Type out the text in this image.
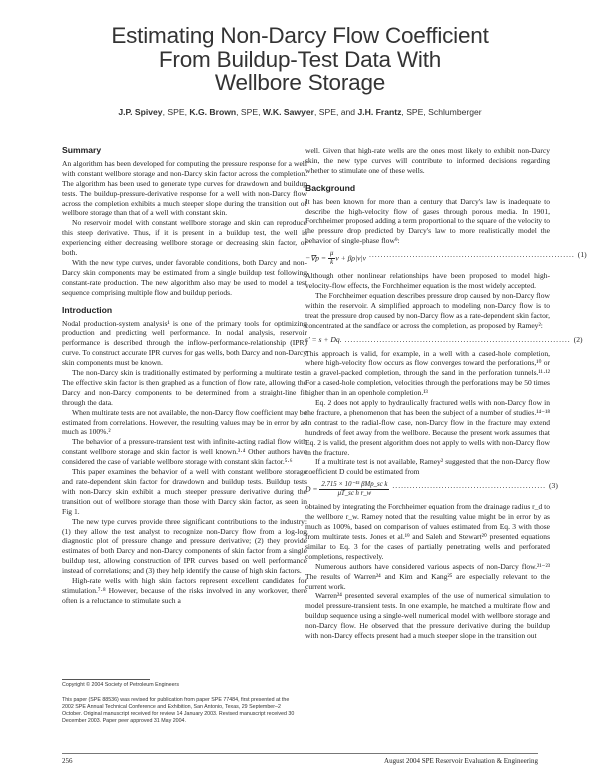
Estimating Non-Darcy Flow Coefficient
From Buildup-Test Data With
Wellbore Storage
J.P. Spivey, SPE, K.G. Brown, SPE, W.K. Sawyer, SPE, and J.H. Frantz, SPE, Schlumberger
Summary

An algorithm has been developed for computing the pressure response for a well with constant wellbore storage and non-Darcy skin factor across the completion. The algorithm has been used to generate type curves for drawdown and buildup tests. The buildup-pressure-derivative response for a well with non-Darcy flow across the completion exhibits a much steeper slope during the transition out of wellbore storage than that of a well with constant skin.

No reservoir model with constant wellbore storage and skin can reproduce this steep derivative. Thus, if it is present in a buildup test, the well is experiencing either decreasing wellbore storage or decreasing skin factor, or both.

With the new type curves, under favorable conditions, both Darcy and non-Darcy skin components may be estimated from a single buildup test following constant-rate production. The new algorithm also may be used to model a test sequence comprising multiple flow and buildup periods.

Introduction

Nodal production-system analysis¹ is one of the primary tools for optimizing production and predicting well performance. In nodal analysis, reservoir performance is described through the inflow-performance-relationship (IPR) curve. To construct accurate IPR curves for gas wells, both Darcy and non-Darcy skin components must be known.

The non-Darcy skin is traditionally estimated by performing a multirate test. The effective skin factor is then graphed as a function of flow rate, allowing the Darcy and non-Darcy components to be determined from a straight-line fit through the data.

When multirate tests are not available, the non-Darcy flow coefficient may be estimated from correlations. However, the resulting values may be in error by as much as 100%.²

The behavior of a pressure-transient test with infinite-acting radial flow with constant wellbore storage and skin factor is well known.³·⁴ Other authors have considered the case of variable wellbore storage with constant skin factor.⁵·⁶

This paper examines the behavior of a well with constant wellbore storage and rate-dependent skin factor for drawdown and buildup tests. Buildup tests with non-Darcy skin exhibit a much steeper pressure derivative during the transition out of wellbore storage than those with Darcy skin factor, as seen in Fig 1.

The new type curves provide three significant contributions to the industry: (1) they allow the test analyst to recognize non-Darcy flow from a log-log diagnostic plot of pressure change and pressure derivative; (2) they provide estimates of both Darcy and non-Darcy components of skin factor from a single buildup test, allowing construction of IPR curves based on well performance instead of correlations; and (3) they help identify the cause of high skin factors.

High-rate wells with high skin factors represent excellent candidates for stimulation.⁷·⁸ However, because of the risks involved in any workover, there often is a reluctance to stimulate such a

Copyright © 2004 Society of Petroleum Engineers
This paper (SPE 88536) was revised for publication from paper SPE 77484, first presented at the 2002 SPE Annual Technical Conference and Exhibition, San Antonio, Texas, 29 September–2 October. Original manuscript received for review 14 January 2003. Revised manuscript received 30 December 2003. Paper peer approved 31 May 2004.

well. Given that high-rate wells are the ones most likely to exhibit non-Darcy skin, the new type curves will contribute to informed decisions regarding whether to stimulate one of these wells.

Background

It has been known for more than a century that Darcy's law is inadequate to describe the high-velocity flow of gases through porous media. In 1901, Forchheimer proposed adding a term proportional to the square of the velocity to the pressure drop predicted by Darcy's law to more realistically model the behavior of single-phase flow⁹:

$-\nabla p = \frac{\mu}{k}$ v + βρ|v|v ....................................................................... (1)

Although other nonlinear relationships have been proposed to model high-velocity-flow effects, the Forchheimer equation is the most widely accepted.

The Forchheimer equation describes pressure drop caused by non-Darcy flow within the reservoir. A simplified approach to modeling non-Darcy flow is to treat the pressure drop caused by non-Darcy flow as a rate-dependent skin factor, concentrated at the sandface or across the completion, as proposed by Ramey²:

s′ = s + Dq. .............................................................................. (2)

This approach is valid, for example, in a well with a cased-hole completion, where high-velocity flow occurs as flow converges toward the perforations,¹⁰ or in a gravel-packed completion, through the sand in the perforation tunnels.¹¹·¹² For a cased-hole completion, velocities through the perforations may be 50 times higher than in an openhole completion.¹³

Eq. 2 does not apply to hydraulically fractured wells with non-Darcy flow in the fracture, a phenomenon that has been the subject of a number of studies.¹⁴⁻¹⁸ In contrast to the radial-flow case, non-Darcy flow in the fracture may extend hundreds of feet away from the wellbore. Because the present work assumes that Eq. 2 is valid, the present algorithm does not apply to wells with non-Darcy flow in the fracture.

If a multirate test is not available, Ramey² suggested that the non-Darcy flow coefficient D could be estimated from

$D = \frac{\text{2.715 × 10⁻¹⁵ βMp\_sc k}}{\text{μT\_sc h r\_w}}$ ..................................................... (3)

obtained by integrating the Forchheimer equation from the drainage radius r_d to the wellbore r_w. Ramey noted that the resulting value might be in error by as much as 100%, based on comparison of values estimated from Eq. 3 with those from multirate tests. Jones et al.¹⁹ and Saleh and Stewart²⁰ presented equations similar to Eq. 3 for the cases of partially penetrating wells and perforated completions, respectively.

Numerous authors have considered various aspects of non-Darcy flow.²¹⁻²³ The results of Warren²⁴ and Kim and Kang²⁵ are especially relevant to the current work.

Warren²⁴ presented several examples of the use of numerical simulation to model pressure-transient tests. In one example, he matched a multirate flow and buildup sequence using a single-well numerical model with wellbore storage and non-Darcy flow. He observed that the pressure derivative during the buildup with non-Darcy effects present had a much steeper slope in the transition out

256	August 2004 SPE Reservoir Evaluation & Engineering
